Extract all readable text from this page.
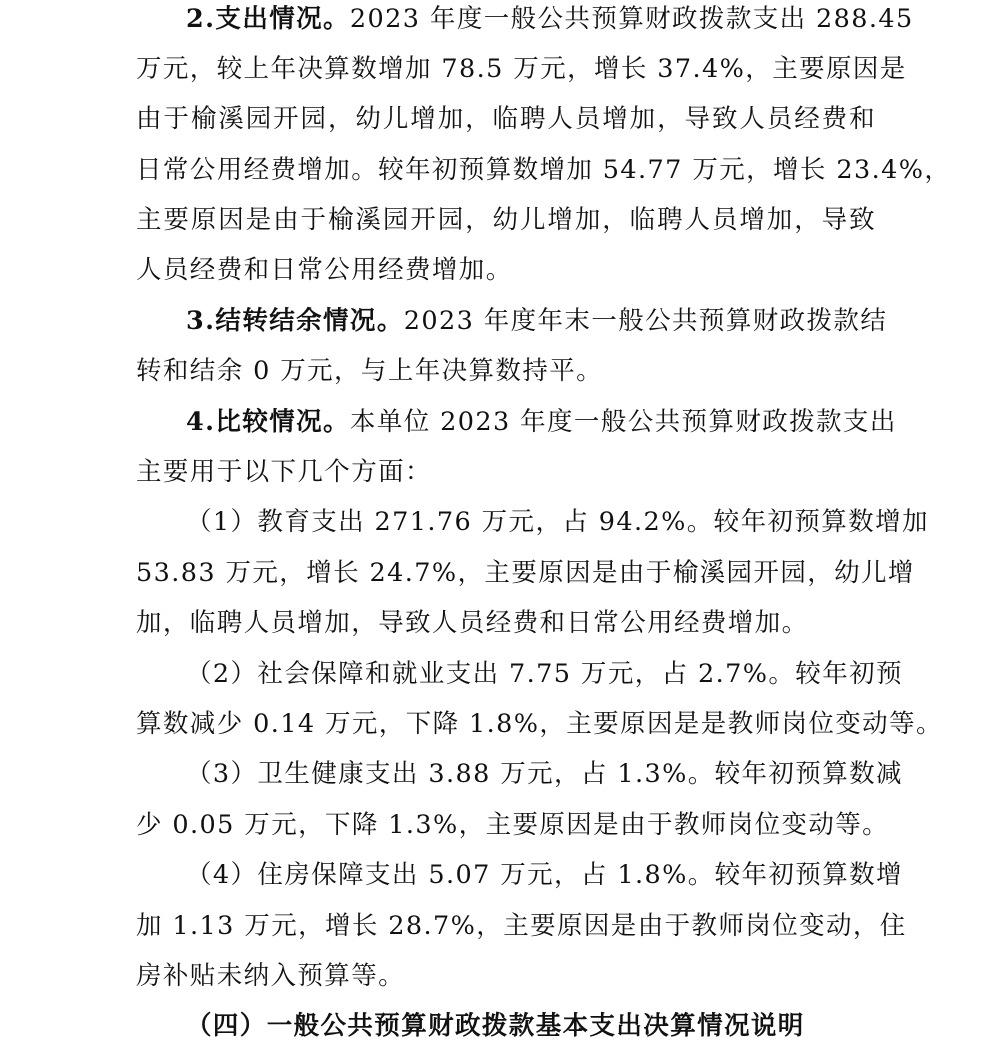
2.支出情况。2023 年度一般公共预算财政拨款支出 288.45
万元，较上年决算数增加 78.5 万元，增长 37.4%，主要原因是
由于榆溪园开园，幼儿增加，临聘人员增加，导致人员经费和
日常公用经费增加。较年初预算数增加 54.77 万元，增长 23.4%，
主要原因是由于榆溪园开园，幼儿增加，临聘人员增加，导致
人员经费和日常公用经费增加。
3.结转结余情况。2023 年度年末一般公共预算财政拨款结
转和结余 0 万元，与上年决算数持平。
4.比较情况。本单位 2023 年度一般公共预算财政拨款支出
主要用于以下几个方面：
（1）教育支出 271.76 万元，占 94.2%。较年初预算数增加
53.83 万元，增长 24.7%，主要原因是由于榆溪园开园，幼儿增
加，临聘人员增加，导致人员经费和日常公用经费增加。
（2）社会保障和就业支出 7.75 万元，占 2.7%。较年初预
算数减少 0.14 万元，下降 1.8%，主要原因是是教师岗位变动等。
（3）卫生健康支出 3.88 万元，占 1.3%。较年初预算数减
少 0.05 万元，下降 1.3%，主要原因是由于教师岗位变动等。
（4）住房保障支出 5.07 万元，占 1.8%。较年初预算数增
加 1.13 万元，增长 28.7%，主要原因是由于教师岗位变动，住
房补贴未纳入预算等。
（四）一般公共预算财政拨款基本支出决算情况说明
